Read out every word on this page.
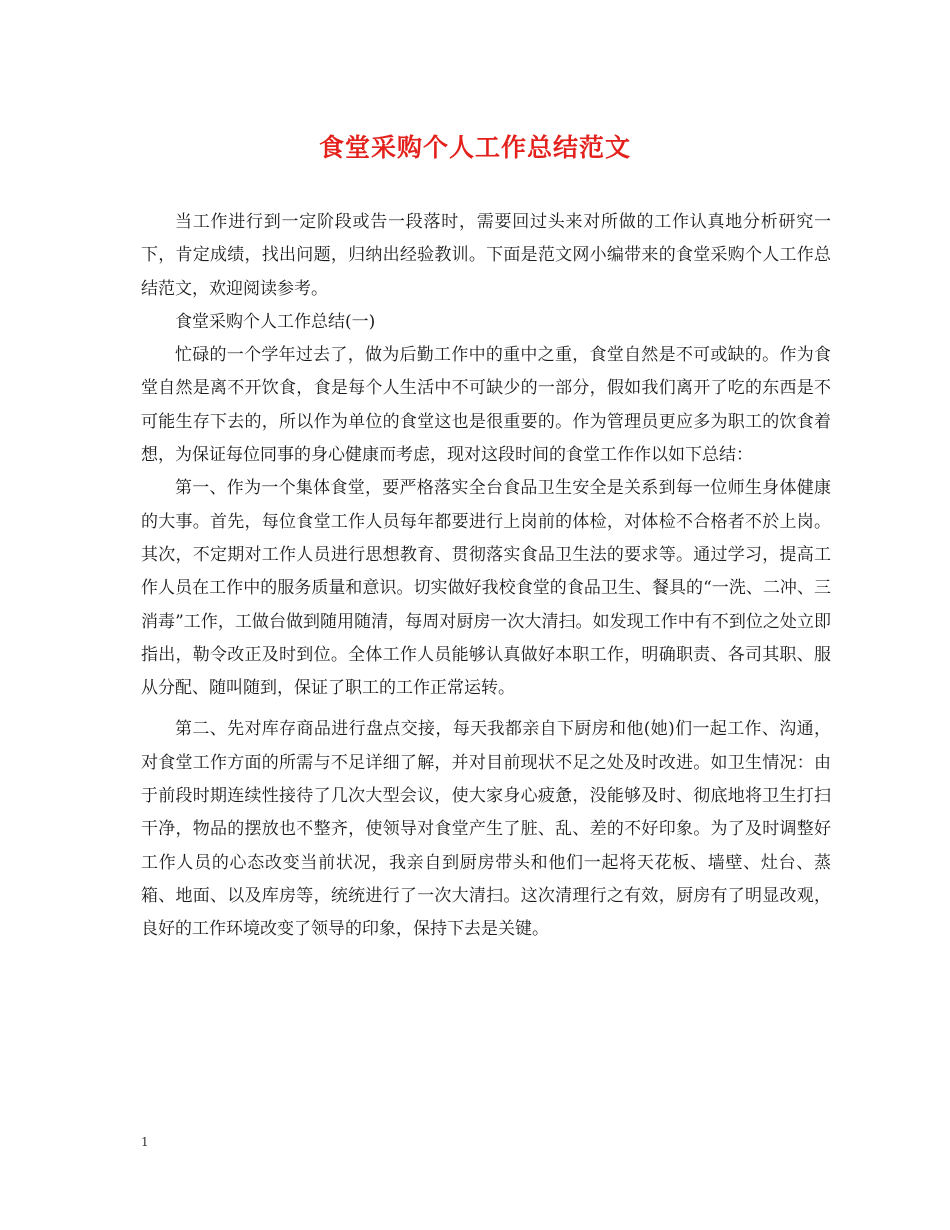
食堂采购个人工作总结范文

当工作进行到一定阶段或告一段落时，需要回过头来对所做的工作认真地分析研究一下，肯定成绩，找出问题，归纳出经验教训。下面是范文网小编带来的食堂采购个人工作总结范文，欢迎阅读参考。

食堂采购个人工作总结(一)

忙碌的一个学年过去了，做为后勤工作中的重中之重，食堂自然是不可或缺的。作为食堂自然是离不开饮食，食是每个人生活中不可缺少的一部分，假如我们离开了吃的东西是不可能生存下去的，所以作为单位的食堂这也是很重要的。作为管理员更应多为职工的饮食着想，为保证每位同事的身心健康而考虑，现对这段时间的食堂工作作以如下总结：

第一、作为一个集体食堂，要严格落实全台食品卫生安全是关系到每一位师生身体健康的大事。首先，每位食堂工作人员每年都要进行上岗前的体检，对体检不合格者不於上岗。其次，不定期对工作人员进行思想教育、贯彻落实食品卫生法的要求等。通过学习，提高工作人员在工作中的服务质量和意识。切实做好我校食堂的食品卫生、餐具的“一洗、二冲、三消毒”工作，工做台做到随用随清，每周对厨房一次大清扫。如发现工作中有不到位之处立即指出，勒令改正及时到位。全体工作人员能够认真做好本职工作，明确职责、各司其职、服从分配、随叫随到，保证了职工的工作正常运转。

第二、先对库存商品进行盘点交接，每天我都亲自下厨房和他(她)们一起工作、沟通，对食堂工作方面的所需与不足详细了解，并对目前现状不足之处及时改进。如卫生情况：由于前段时期连续性接待了几次大型会议，使大家身心疲惫，没能够及时、彻底地将卫生打扫干净，物品的摆放也不整齐，使领导对食堂产生了脏、乱、差的不好印象。为了及时调整好工作人员的心态改变当前状况，我亲自到厨房带头和他们一起将天花板、墙壁、灶台、蒸箱、地面、以及库房等，统统进行了一次大清扫。这次清理行之有效，厨房有了明显改观，良好的工作环境改变了领导的印象，保持下去是关键。

1
